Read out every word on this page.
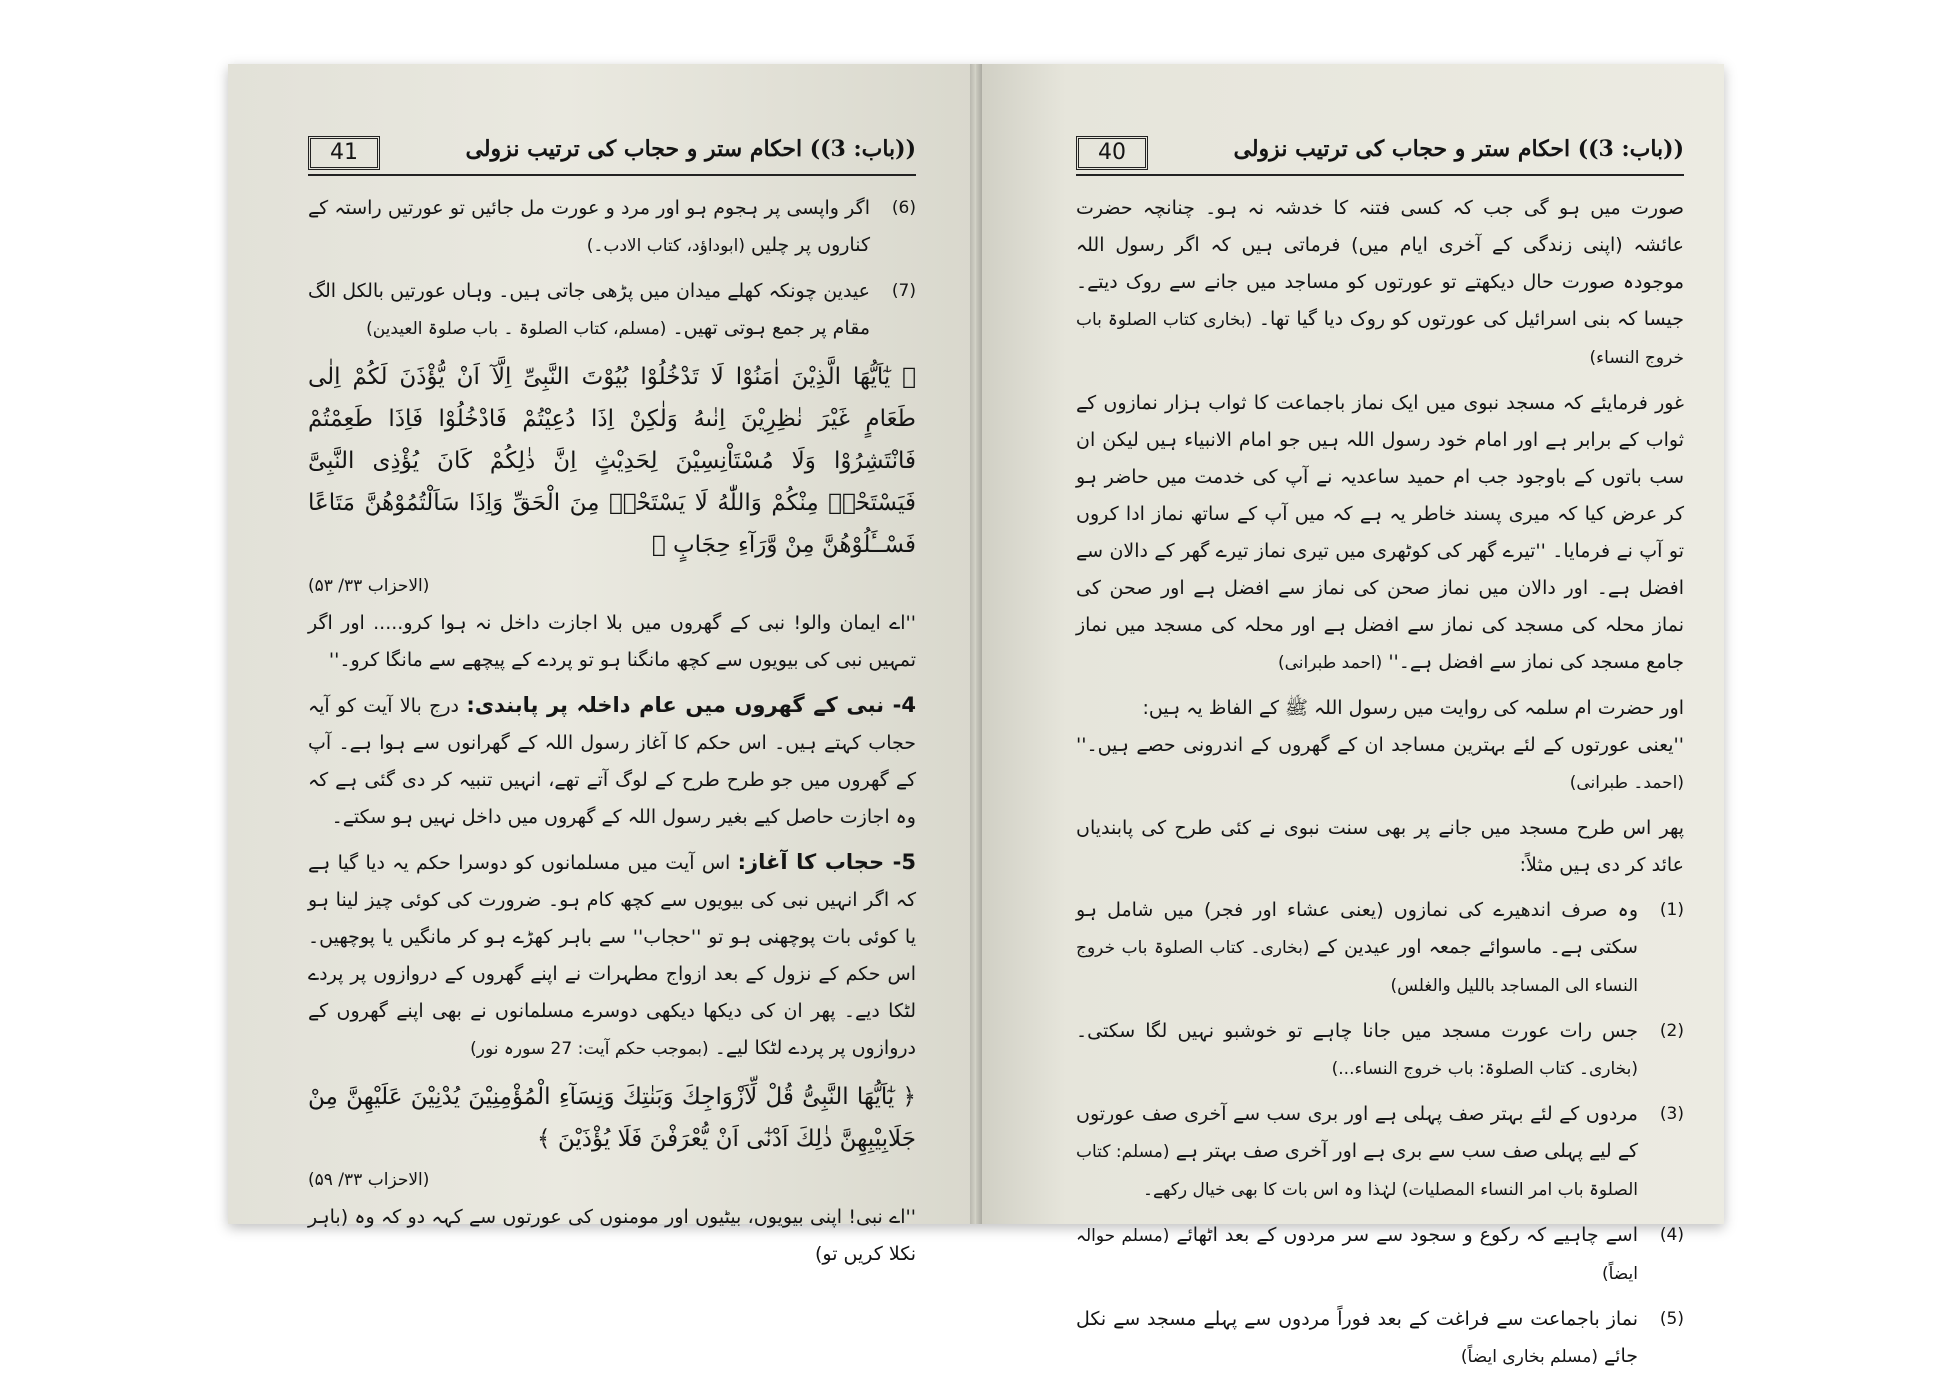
41	((باب: 3)) احکام ستر و حجاب کی ترتیب نزولی
(6)
اگر واپسی پر ہجوم ہو اور مرد و عورت مل جائیں تو عورتیں راستہ کے کناروں پر چلیں (ابوداؤد، کتاب الادب۔)
(7)
عیدین چونکہ کھلے میدان میں پڑھی جاتی ہیں۔ وہاں عورتیں بالکل الگ مقام پر جمع ہوتی تھیں۔ (مسلم، کتاب الصلوۃ ۔ باب صلوۃ العیدین)
﴿ یٰٓاَیُّهَا الَّذِیْنَ اٰمَنُوْا لَا تَدْخُلُوْا بُیُوْتَ النَّبِیِّ اِلَّآ اَنْ یُّؤْذَنَ لَكُمْ اِلٰى طَعَامٍ غَیْرَ نٰظِرِیْنَ اِنٰىهُ وَلٰكِنْ اِذَا دُعِیْتُمْ فَادْخُلُوْا فَاِذَا طَعِمْتُمْ فَانْتَشِرُوْا وَلَا مُسْتَاْنِسِیْنَ لِحَدِیْثٍ اِنَّ ذٰلِكُمْ كَانَ یُؤْذِی النَّبِیَّ فَیَسْتَحْیٖ مِنْكُمْ وَاللّٰهُ لَا یَسْتَحْیٖ مِنَ الْحَقِّ وَاِذَا سَاَلْتُمُوْهُنَّ مَتَاعًا فَسْــَٔلُوْهُنَّ مِنْ وَّرَآءِ حِجَابٍ ﴾
(الاحزاب ۳۳/ ۵۳)

''اے ایمان والو! نبی کے گھروں میں بلا اجازت داخل نہ ہوا کرو..... اور اگر تمہیں نبی کی بیویوں سے کچھ مانگنا ہو تو پردے کے پیچھے سے مانگا کرو۔''

4- نبی کے گھروں میں عام داخلہ پر پابندی: درج بالا آیت کو آیہ حجاب کہتے ہیں۔ اس حکم کا آغاز رسول اللہ کے گھرانوں سے ہوا ہے۔ آپ کے گھروں میں جو طرح طرح کے لوگ آتے تھے، انہیں تنبیہ کر دی گئی ہے کہ وہ اجازت حاصل کیے بغیر رسول اللہ کے گھروں میں داخل نہیں ہو سکتے۔

5- حجاب کا آغاز: اس آیت میں مسلمانوں کو دوسرا حکم یہ دیا گیا ہے کہ اگر انہیں نبی کی بیویوں سے کچھ کام ہو۔ ضرورت کی کوئی چیز لینا ہو یا کوئی بات پوچھنی ہو تو ''حجاب'' سے باہر کھڑے ہو کر مانگیں یا پوچھیں۔ اس حکم کے نزول کے بعد ازواج مطہرات نے اپنے گھروں کے دروازوں پر پردے لٹکا دیے۔ پھر ان کی دیکھا دیکھی دوسرے مسلمانوں نے بھی اپنے گھروں کے دروازوں پر پردے لٹکا لیے۔ (بموجب حکم آیت: 27 سورہ نور)

﴿ یٰٓاَیُّهَا النَّبِیُّ قُلْ لِّاَزْوَاجِكَ وَبَنٰتِكَ وَنِسَآءِ الْمُؤْمِنِیْنَ یُدْنِیْنَ عَلَیْهِنَّ مِنْ جَلَابِیْبِهِنَّ ذٰلِكَ اَدْنٰٓى اَنْ یُّعْرَفْنَ فَلَا یُؤْذَیْنَ ﴾
(الاحزاب ۳۳/ ۵۹)

''اے نبی! اپنی بیویوں، بیٹیوں اور مومنوں کی عورتوں سے کہہ دو کہ وہ (باہر نکلا کریں تو)

40	((باب: 3)) احکام ستر و حجاب کی ترتیب نزولی

صورت میں ہو گی جب کہ کسی فتنہ کا خدشہ نہ ہو۔ چنانچہ حضرت عائشہ (اپنی زندگی کے آخری ایام میں) فرماتی ہیں کہ اگر رسول اللہ موجودہ صورت حال دیکھتے تو عورتوں کو مساجد میں جانے سے روک دیتے۔ جیسا کہ بنی اسرائیل کی عورتوں کو روک دیا گیا تھا۔ (بخاری کتاب الصلوۃ باب خروج النساء)

غور فرمایئے کہ مسجد نبوی میں ایک نماز باجماعت کا ثواب ہزار نمازوں کے ثواب کے برابر ہے اور امام خود رسول اللہ ہیں جو امام الانبیاء ہیں لیکن ان سب باتوں کے باوجود جب ام حمید ساعدیہ نے آپ کی خدمت میں حاضر ہو کر عرض کیا کہ میری پسند خاطر یہ ہے کہ میں آپ کے ساتھ نماز ادا کروں تو آپ نے فرمایا۔ ''تیرے گھر کی کوٹھری میں تیری نماز تیرے گھر کے دالان سے افضل ہے۔ اور دالان میں نماز صحن کی نماز سے افضل ہے اور صحن کی نماز محلہ کی مسجد کی نماز سے افضل ہے اور محلہ کی مسجد میں نماز جامع مسجد کی نماز سے افضل ہے۔'' (احمد طبرانی)

اور حضرت ام سلمہ کی روایت میں رسول اللہ ﷺ کے الفاظ یہ ہیں:
''یعنی عورتوں کے لئے بہترین مساجد ان کے گھروں کے اندرونی حصے ہیں۔'' (احمد۔ طبرانی)

پھر اس طرح مسجد میں جانے پر بھی سنت نبوی نے کئی طرح کی پابندیاں عائد کر دی ہیں مثلاً:

(1)
وہ صرف اندھیرے کی نمازوں (یعنی عشاء اور فجر) میں شامل ہو سکتی ہے۔ ماسوائے جمعہ اور عیدین کے (بخاری۔ کتاب الصلوۃ باب خروج النساء الی المساجد باللیل والغلس)
(2)
جس رات عورت مسجد میں جانا چاہے تو خوشبو نہیں لگا سکتی۔ (بخاری۔ کتاب الصلوۃ: باب خروج النساء...)
(3)
مردوں کے لئے بہتر صف پہلی ہے اور بری سب سے آخری صف عورتوں کے لیے پہلی صف سب سے بری ہے اور آخری صف بہتر ہے (مسلم: کتاب الصلوۃ باب امر النساء المصلیات) لہٰذا وہ اس بات کا بھی خیال رکھے۔
(4)
اسے چاہیے کہ رکوع و سجود سے سر مردوں کے بعد اٹھائے (مسلم حوالہ ایضاً)
(5)
نماز باجماعت سے فراغت کے بعد فوراً مردوں سے پہلے مسجد سے نکل جائے (مسلم بخاری ایضاً)
